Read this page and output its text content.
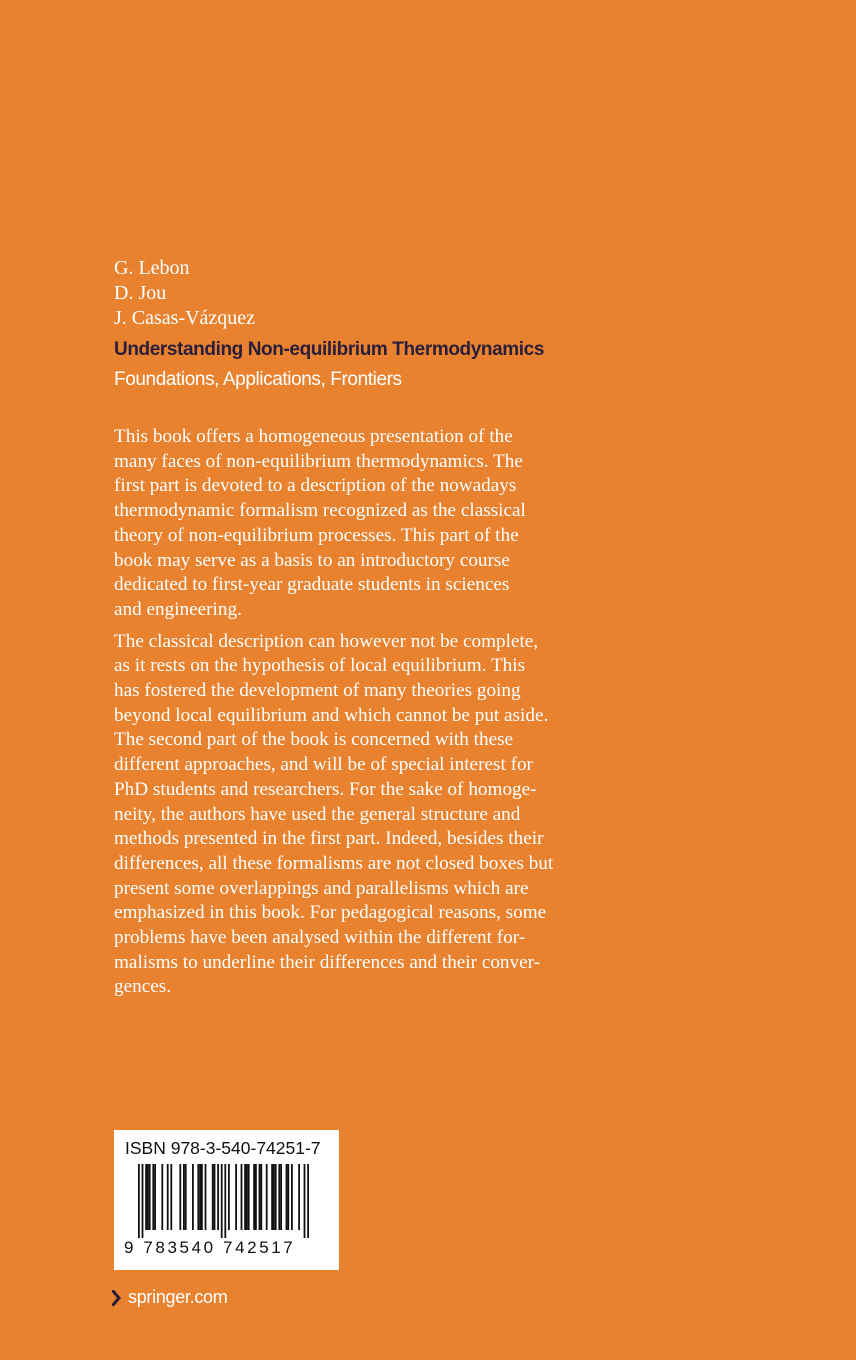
G. Lebon
D. Jou
J. Casas-Vázquez
Understanding Non-equilibrium Thermodynamics
Foundations, Applications, Frontiers

This book offers a homogeneous presentation of the
many faces of non-equilibrium thermodynamics. The
first part is devoted to a description of the nowadays
thermodynamic formalism recognized as the classical
theory of non-equilibrium processes. This part of the
book may serve as a basis to an introductory course
dedicated to first-year graduate students in sciences
and engineering.

The classical description can however not be complete,
as it rests on the hypothesis of local equilibrium. This
has fostered the development of many theories going
beyond local equilibrium and which cannot be put aside.
The second part of the book is concerned with these
different approaches, and will be of special interest for
PhD students and researchers. For the sake of homoge-
neity, the authors have used the general structure and
methods presented in the first part. Indeed, besides their
differences, all these formalisms are not closed boxes but
present some overlappings and parallelisms which are
emphasized in this book. For pedagogical reasons, some
problems have been analysed within the different for-
malisms to underline their differences and their conver-
gences.

ISBN 978-3-540-74251-7
9 783540 742517
springer.com
